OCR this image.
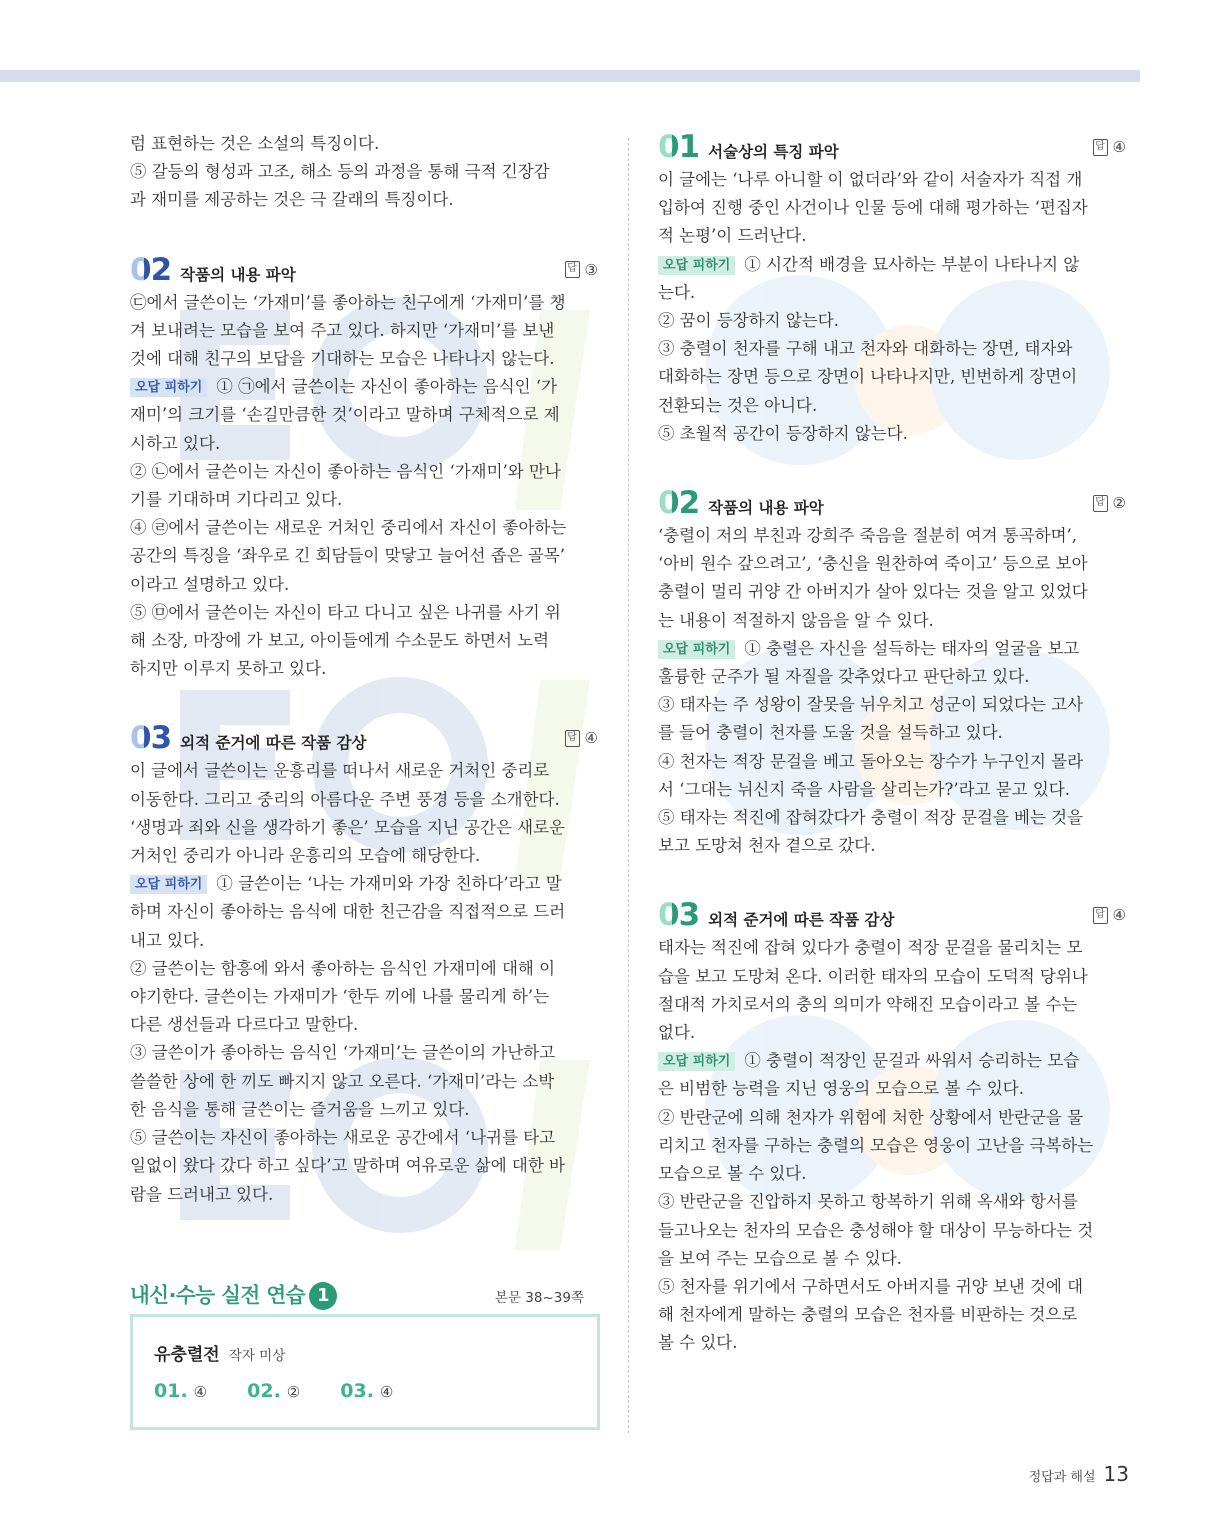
럼 표현하는 것은 소설의 특징이다.

⑤ 갈등의 형성과 고조, 해소 등의 과정을 통해 극적 긴장감

과 재미를 제공하는 것은 극 갈래의 특징이다.

02 작품의 내용 파악	답 ③

㉢에서 글쓴이는 ‘가재미’를 좋아하는 친구에게 ‘가재미’를 챙

겨 보내려는 모습을 보여 주고 있다. 하지만 ‘가재미’를 보낸

것에 대해 친구의 보답을 기대하는 모습은 나타나지 않는다.

오답 피하기 ① ㉠에서 글쓴이는 자신이 좋아하는 음식인 ‘가

재미’의 크기를 ‘손길만큼한 것’이라고 말하며 구체적으로 제

시하고 있다.

② ㉡에서 글쓴이는 자신이 좋아하는 음식인 ‘가재미’와 만나

기를 기대하며 기다리고 있다.

④ ㉣에서 글쓴이는 새로운 거처인 중리에서 자신이 좋아하는

공간의 특징을 ‘좌우로 긴 회담들이 맞닿고 늘어선 좁은 골목’

이라고 설명하고 있다.

⑤ ㉤에서 글쓴이는 자신이 타고 다니고 싶은 나귀를 사기 위

해 소장, 마장에 가 보고, 아이들에게 수소문도 하면서 노력

하지만 이루지 못하고 있다.

03 외적 준거에 따른 작품 감상	답 ④

이 글에서 글쓴이는 운흥리를 떠나서 새로운 거처인 중리로

이동한다. 그리고 중리의 아름다운 주변 풍경 등을 소개한다.

‘생명과 죄와 신을 생각하기 좋은’ 모습을 지닌 공간은 새로운

거처인 중리가 아니라 운흥리의 모습에 해당한다.

오답 피하기 ① 글쓴이는 ‘나는 가재미와 가장 친하다’라고 말

하며 자신이 좋아하는 음식에 대한 친근감을 직접적으로 드러

내고 있다.

② 글쓴이는 함흥에 와서 좋아하는 음식인 가재미에 대해 이

야기한다. 글쓴이는 가재미가 ‘한두 끼에 나를 물리게 하’는

다른 생선들과 다르다고 말한다.

③ 글쓴이가 좋아하는 음식인 ‘가재미’는 글쓴이의 가난하고

쓸쓸한 상에 한 끼도 빠지지 않고 오른다. ‘가재미’라는 소박

한 음식을 통해 글쓴이는 즐거움을 느끼고 있다.

⑤ 글쓴이는 자신이 좋아하는 새로운 공간에서 ‘나귀를 타고

일없이 왔다 갔다 하고 싶다’고 말하며 여유로운 삶에 대한 바

람을 드러내고 있다.

내신·수능 실전 연습 1	본문 38~39쪽
유충렬전 작자 미상
01. ④ 02. ② 03. ④
01 서술상의 특징 파악	답 ④

이 글에는 ‘나루 아니할 이 없더라’와 같이 서술자가 직접 개

입하여 진행 중인 사건이나 인물 등에 대해 평가하는 ‘편집자

적 논평’이 드러난다.

오답 피하기 ① 시간적 배경을 묘사하는 부분이 나타나지 않

는다.

② 꿈이 등장하지 않는다.

③ 충렬이 천자를 구해 내고 천자와 대화하는 장면, 태자와

대화하는 장면 등으로 장면이 나타나지만, 빈번하게 장면이

전환되는 것은 아니다.

⑤ 초월적 공간이 등장하지 않는다.

02 작품의 내용 파악	답 ②

‘충렬이 저의 부친과 강희주 죽음을 절분히 여겨 통곡하며’,

‘아비 원수 갚으려고’, ‘충신을 원찬하여 죽이고’ 등으로 보아

충렬이 멀리 귀양 간 아버지가 살아 있다는 것을 알고 있었다

는 내용이 적절하지 않음을 알 수 있다.

오답 피하기 ① 충렬은 자신을 설득하는 태자의 얼굴을 보고

훌륭한 군주가 될 자질을 갖추었다고 판단하고 있다.

③ 태자는 주 성왕이 잘못을 뉘우치고 성군이 되었다는 고사

를 들어 충렬이 천자를 도울 것을 설득하고 있다.

④ 천자는 적장 문걸을 베고 돌아오는 장수가 누구인지 몰라

서 ‘그대는 뉘신지 죽을 사람을 살리는가?’라고 묻고 있다.

⑤ 태자는 적진에 잡혀갔다가 충렬이 적장 문걸을 베는 것을

보고 도망쳐 천자 곁으로 갔다.

03 외적 준거에 따른 작품 감상	답 ④

태자는 적진에 잡혀 있다가 충렬이 적장 문걸을 물리치는 모

습을 보고 도망쳐 온다. 이러한 태자의 모습이 도덕적 당위나

절대적 가치로서의 충의 의미가 약해진 모습이라고 볼 수는

없다.

오답 피하기 ① 충렬이 적장인 문걸과 싸워서 승리하는 모습

은 비범한 능력을 지닌 영웅의 모습으로 볼 수 있다.

② 반란군에 의해 천자가 위험에 처한 상황에서 반란군을 물

리치고 천자를 구하는 충렬의 모습은 영웅이 고난을 극복하는

모습으로 볼 수 있다.

③ 반란군을 진압하지 못하고 항복하기 위해 옥새와 항서를

들고나오는 천자의 모습은 충성해야 할 대상이 무능하다는 것

을 보여 주는 모습으로 볼 수 있다.

⑤ 천자를 위기에서 구하면서도 아버지를 귀양 보낸 것에 대

해 천자에게 말하는 충렬의 모습은 천자를 비판하는 것으로

볼 수 있다.

정답과 해설 13
